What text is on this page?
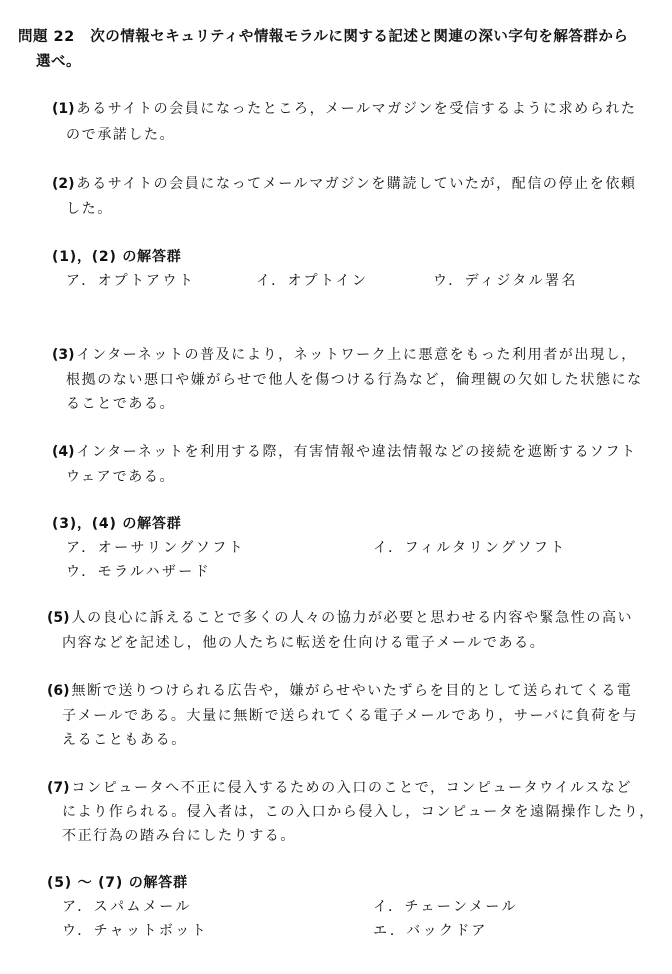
問題 22 次の情報セキュリティや情報モラルに関する記述と関連の深い字句を解答群から
選べ。
(1) あるサイトの会員になったところ，メールマガジンを受信するように求められた
ので承諾した。
(2) あるサイトの会員になってメールマガジンを購読していたが，配信の停止を依頼
した。
(1)，(2) の解答群
ア．オプトアウト	イ．オプトイン	ウ．ディジタル署名
(3) インターネットの普及により，ネットワーク上に悪意をもった利用者が出現し，
根拠のない悪口や嫌がらせで他人を傷つける行為など，倫理観の欠如した状態にな
ることである。
(4) インターネットを利用する際，有害情報や違法情報などの接続を遮断するソフト
ウェアである。
(3)，(4) の解答群
ア．オーサリングソフト	イ．フィルタリングソフト
ウ．モラルハザード
(5) 人の良心に訴えることで多くの人々の協力が必要と思わせる内容や緊急性の高い
内容などを記述し，他の人たちに転送を仕向ける電子メールである。
(6) 無断で送りつけられる広告や，嫌がらせやいたずらを目的として送られてくる電
子メールである。大量に無断で送られてくる電子メールであり，サーバに負荷を与
えることもある。
(7) コンピュータへ不正に侵入するための入口のことで，コンピュータウイルスなど
により作られる。侵入者は，この入口から侵入し，コンピュータを遠隔操作したり，
不正行為の踏み台にしたりする。
(5) ～ (7) の解答群
ア．スパムメール	イ．チェーンメール
ウ．チャットボット	エ．バックドア
